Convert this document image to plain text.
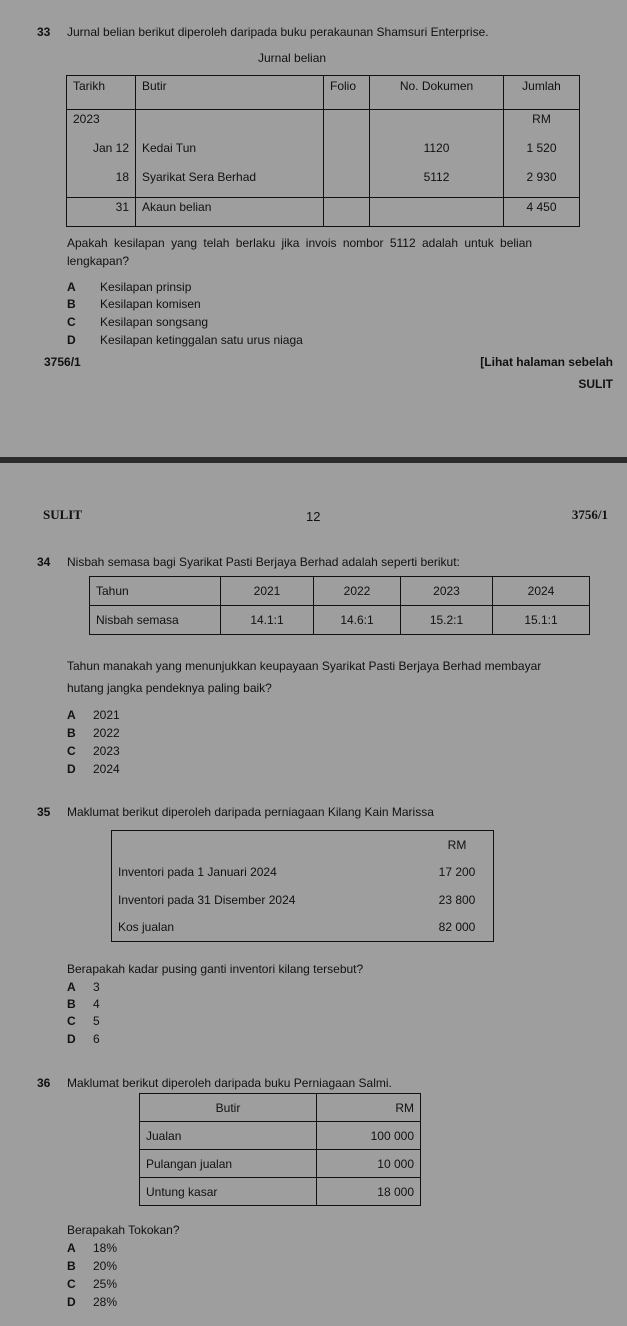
33 Jurnal belian berikut diperoleh daripada buku perakaunan Shamsuri Enterprise.
Jurnal belian
Tarikh	Butir	Folio	No. Dokumen	Jumlah
2023				RM
Jan 12	Kedai Tun		1120	1 520
18	Syarikat Sera Berhad		5112	2 930
31	Akaun belian			4 450
Apakah kesilapan yang telah berlaku jika invois nombor 5112 adalah untuk belian
lengkapan?
A Kesilapan prinsip
B Kesilapan komisen
C Kesilapan songsang
D Kesilapan ketinggalan satu urus niaga
3756/1	[Lihat halaman sebelah
SULIT
SULIT	12	3756/1
34 Nisbah semasa bagi Syarikat Pasti Berjaya Berhad adalah seperti berikut:
Tahun	2021	2022	2023	2024
Nisbah semasa	14.1:1	14.6:1	15.2:1	15.1:1
Tahun manakah yang menunjukkan keupayaan Syarikat Pasti Berjaya Berhad membayar
hutang jangka pendeknya paling baik?
A 2021
B 2022
C 2023
D 2024
35 Maklumat berikut diperoleh daripada perniagaan Kilang Kain Marissa
	RM
Inventori pada 1 Januari 2024	17 200
Inventori pada 31 Disember 2024	23 800
Kos jualan	82 000
Berapakah kadar pusing ganti inventori kilang tersebut?
A 3
B 4
C 5
D 6
36 Maklumat berikut diperoleh daripada buku Perniagaan Salmi.
Butir	RM
Jualan	100 000
Pulangan jualan	10 000
Untung kasar	18 000
Berapakah Tokokan?
A 18%
B 20%
C 25%
D 28%
